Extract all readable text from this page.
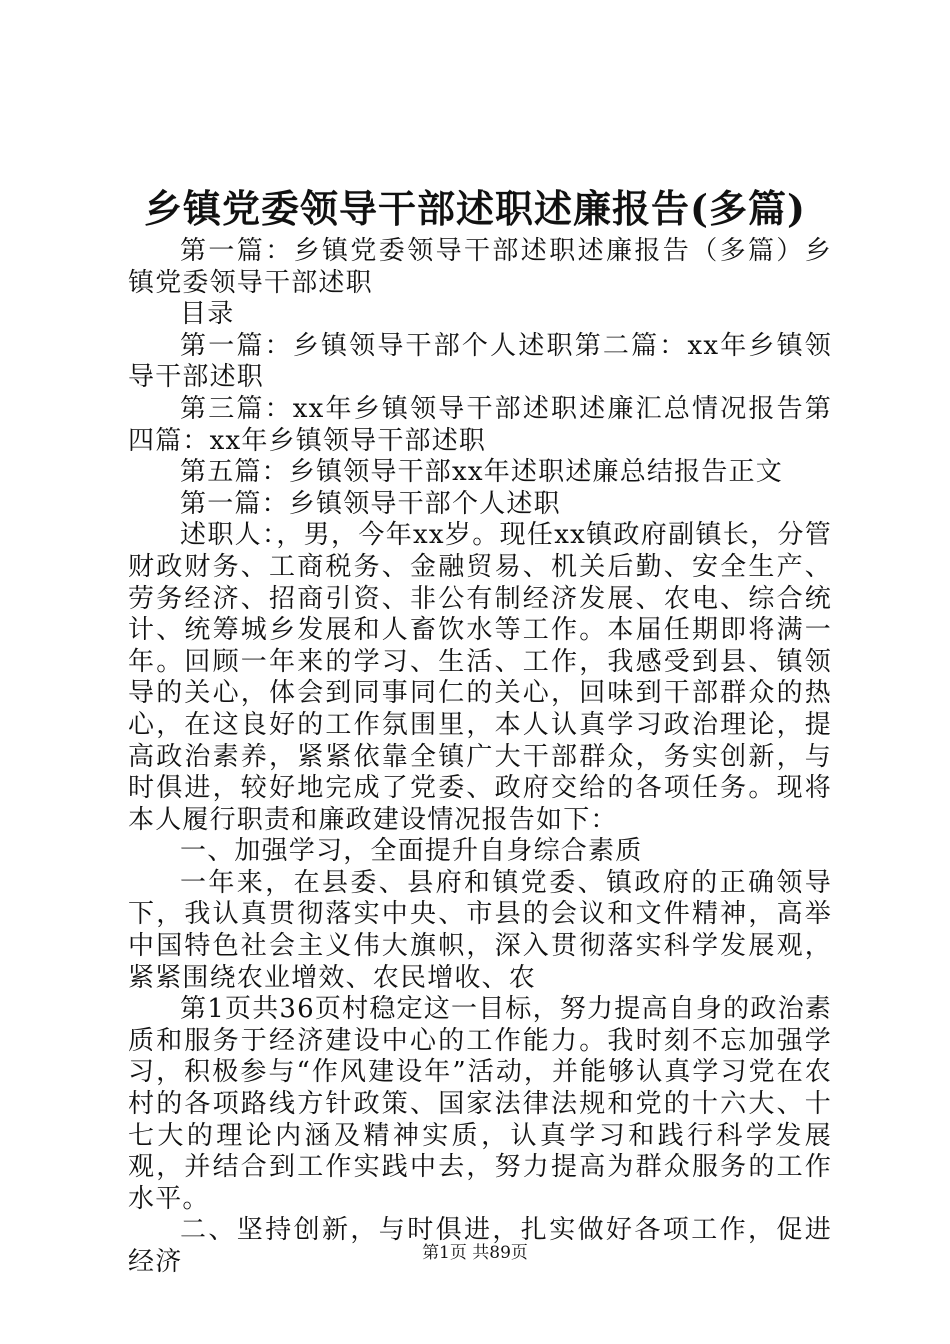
乡镇党委领导干部述职述廉报告(多篇)

第一篇：乡镇党委领导干部述职述廉报告（多篇）乡镇党委领导干部述职

目录

第一篇：乡镇领导干部个人述职第二篇：xx年乡镇领导干部述职

第三篇：xx年乡镇领导干部述职述廉汇总情况报告第四篇：xx年乡镇领导干部述职

第五篇：乡镇领导干部xx年述职述廉总结报告正文

第一篇：乡镇领导干部个人述职

述职人：，男，今年xx岁。现任xx镇政府副镇长，分管财政财务、工商税务、金融贸易、机关后勤、安全生产、劳务经济、招商引资、非公有制经济发展、农电、综合统计、统筹城乡发展和人畜饮水等工作。本届任期即将满一年。回顾一年来的学习、生活、工作，我感受到县、镇领导的关心，体会到同事同仁的关心，回味到干部群众的热心，在这良好的工作氛围里，本人认真学习政治理论，提高政治素养，紧紧依靠全镇广大干部群众，务实创新，与时俱进，较好地完成了党委、政府交给的各项任务。现将本人履行职责和廉政建设情况报告如下：

一、加强学习，全面提升自身综合素质

一年来，在县委、县府和镇党委、镇政府的正确领导下，我认真贯彻落实中央、市县的会议和文件精神，高举中国特色社会主义伟大旗帜，深入贯彻落实科学发展观，紧紧围绕农业增效、农民增收、农

第1页共36页村稳定这一目标，努力提高自身的政治素质和服务于经济建设中心的工作能力。我时刻不忘加强学习，积极参与“作风建设年”活动，并能够认真学习党在农村的各项路线方针政策、国家法律法规和党的十六大、十七大的理论内涵及精神实质，认真学习和践行科学发展观，并结合到工作实践中去，努力提高为群众服务的工作水平。

二、坚持创新，与时俱进，扎实做好各项工作，促进经济	第1页 共89页
